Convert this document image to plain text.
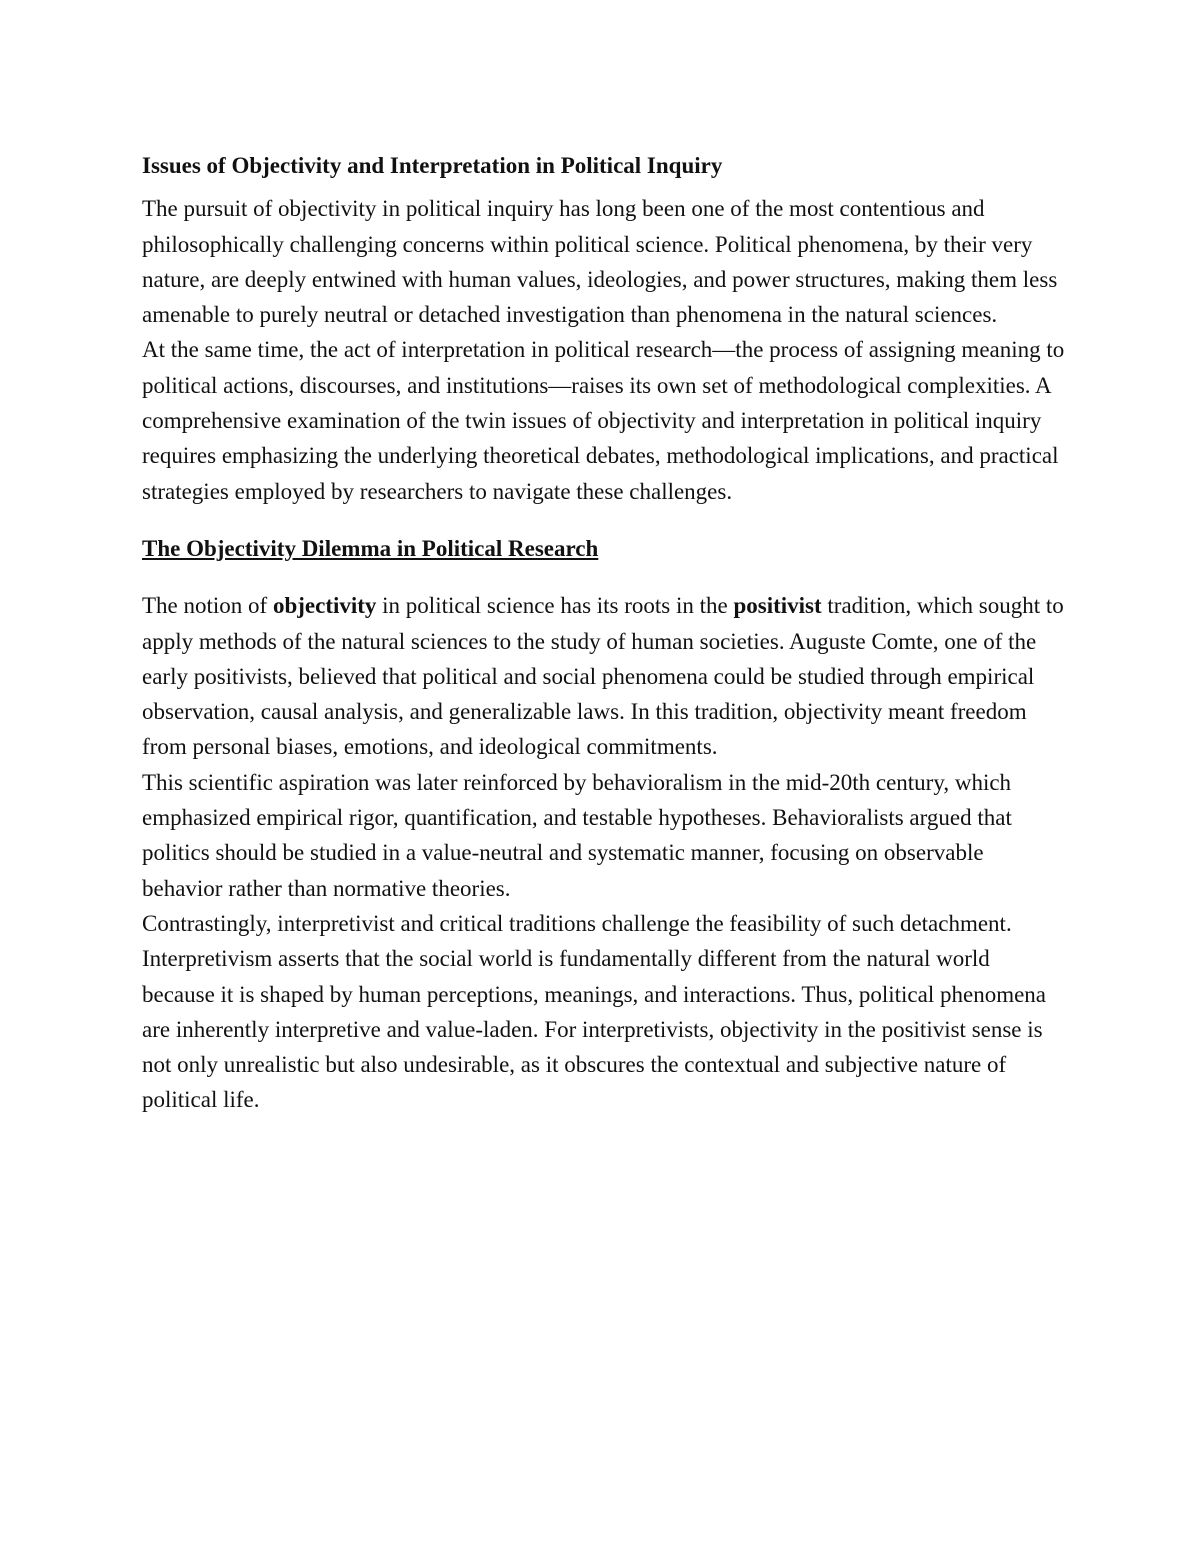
Issues of Objectivity and Interpretation in Political Inquiry

The pursuit of objectivity in political inquiry has long been one of the most contentious and philosophically challenging concerns within political science. Political phenomena, by their very nature, are deeply entwined with human values, ideologies, and power structures, making them less amenable to purely neutral or detached investigation than phenomena in the natural sciences.

At the same time, the act of interpretation in political research—the process of assigning meaning to political actions, discourses, and institutions—raises its own set of methodological complexities. A comprehensive examination of the twin issues of objectivity and interpretation in political inquiry requires emphasizing the underlying theoretical debates, methodological implications, and practical strategies employed by researchers to navigate these challenges.

The Objectivity Dilemma in Political Research

The notion of objectivity in political science has its roots in the positivist tradition, which sought to apply methods of the natural sciences to the study of human societies. Auguste Comte, one of the early positivists, believed that political and social phenomena could be studied through empirical observation, causal analysis, and generalizable laws. In this tradition, objectivity meant freedom from personal biases, emotions, and ideological commitments.

This scientific aspiration was later reinforced by behavioralism in the mid-20th century, which emphasized empirical rigor, quantification, and testable hypotheses. Behavioralists argued that politics should be studied in a value-neutral and systematic manner, focusing on observable behavior rather than normative theories.

Contrastingly, interpretivist and critical traditions challenge the feasibility of such detachment. Interpretivism asserts that the social world is fundamentally different from the natural world because it is shaped by human perceptions, meanings, and interactions. Thus, political phenomena are inherently interpretive and value-laden. For interpretivists, objectivity in the positivist sense is not only unrealistic but also undesirable, as it obscures the contextual and subjective nature of political life.
